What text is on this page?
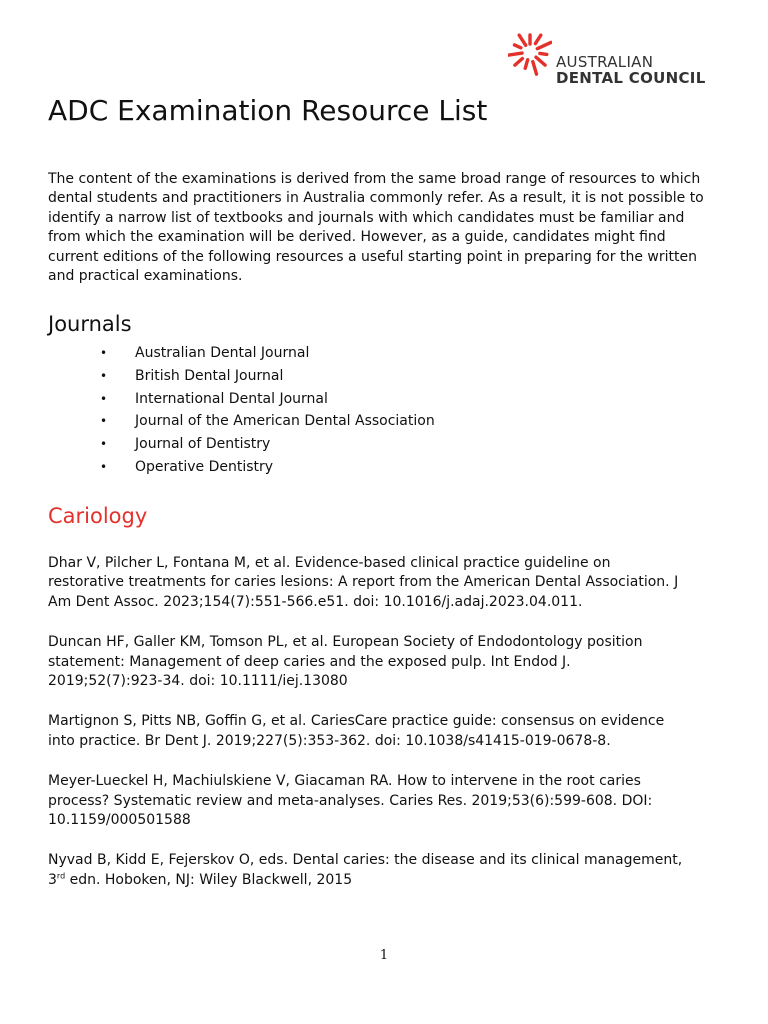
AUSTRALIAN
DENTAL COUNCIL
ADC Examination Resource List

The content of the examinations is derived from the same broad range of resources to which dental students and practitioners in Australia commonly refer. As a result, it is not possible to identify a narrow list of textbooks and journals with which candidates must be familiar and from which the examination will be derived. However, as a guide, candidates might find current editions of the following resources a useful starting point in preparing for the written and practical examinations.

Journals
• Australian Dental Journal
• British Dental Journal
• International Dental Journal
• Journal of the American Dental Association
• Journal of Dentistry
• Operative Dentistry
Cariology

Dhar V, Pilcher L, Fontana M, et al. Evidence-based clinical practice guideline on restorative treatments for caries lesions: A report from the American Dental Association. J Am Dent Assoc. 2023;154(7):551-566.e51. doi: 10.1016/j.adaj.2023.04.011.

Duncan HF, Galler KM, Tomson PL, et al. European Society of Endodontology position statement: Management of deep caries and the exposed pulp. Int Endod J. 2019;52(7):923-34. doi: 10.1111/iej.13080

Martignon S, Pitts NB, Goffin G, et al. CariesCare practice guide: consensus on evidence into practice. Br Dent J. 2019;227(5):353-362. doi: 10.1038/s41415-019-0678-8.

Meyer-Lueckel H, Machiulskiene V, Giacaman RA. How to intervene in the root caries process? Systematic review and meta-analyses. Caries Res. 2019;53(6):599-608. DOI: 10.1159/000501588

Nyvad B, Kidd E, Fejerskov O, eds. Dental caries: the disease and its clinical management, 3rd edn. Hoboken, NJ: Wiley Blackwell, 2015

1
